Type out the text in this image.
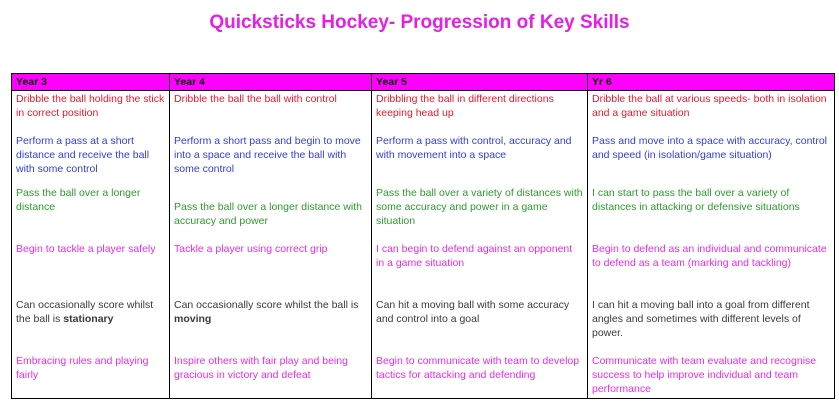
Quicksticks Hockey- Progression of Key Skills
Year 3	Year 4	Year 5	Yr 6
Dribble the ball holding the stick in correct position	Dribble the ball the ball with control	Dribbling the ball in different directions keeping head up	Dribble the ball at various speeds- both in isolation and a game situation
Perform a pass at a short distance and receive the ball with some control	Perform a short pass and begin to move into a space and receive the ball with some control	Perform a pass with control, accuracy and with movement into a space	Pass and move into a space with accuracy, control and speed (in isolation/game situation)
Pass the ball over a longer distance	Pass the ball over a longer distance with accuracy and power	Pass the ball over a variety of distances with some accuracy and power in a game situation	I can start to pass the ball over a variety of distances in attacking or defensive situations
Begin to tackle a player safely	Tackle a player using correct grip	I can begin to defend against an opponent in a game situation	Begin to defend as an individual and communicate to defend as a team (marking and tackling)
Can occasionally score whilst the ball is stationary	Can occasionally score whilst the ball is moving	Can hit a moving ball with some accuracy and control into a goal	I can hit a moving ball into a goal from different angles and sometimes with different levels of power.
Embracing rules and playing fairly	Inspire others with fair play and being gracious in victory and defeat	Begin to communicate with team to develop tactics for attacking and defending	Communicate with team evaluate and recognise success to help improve individual and team performance
